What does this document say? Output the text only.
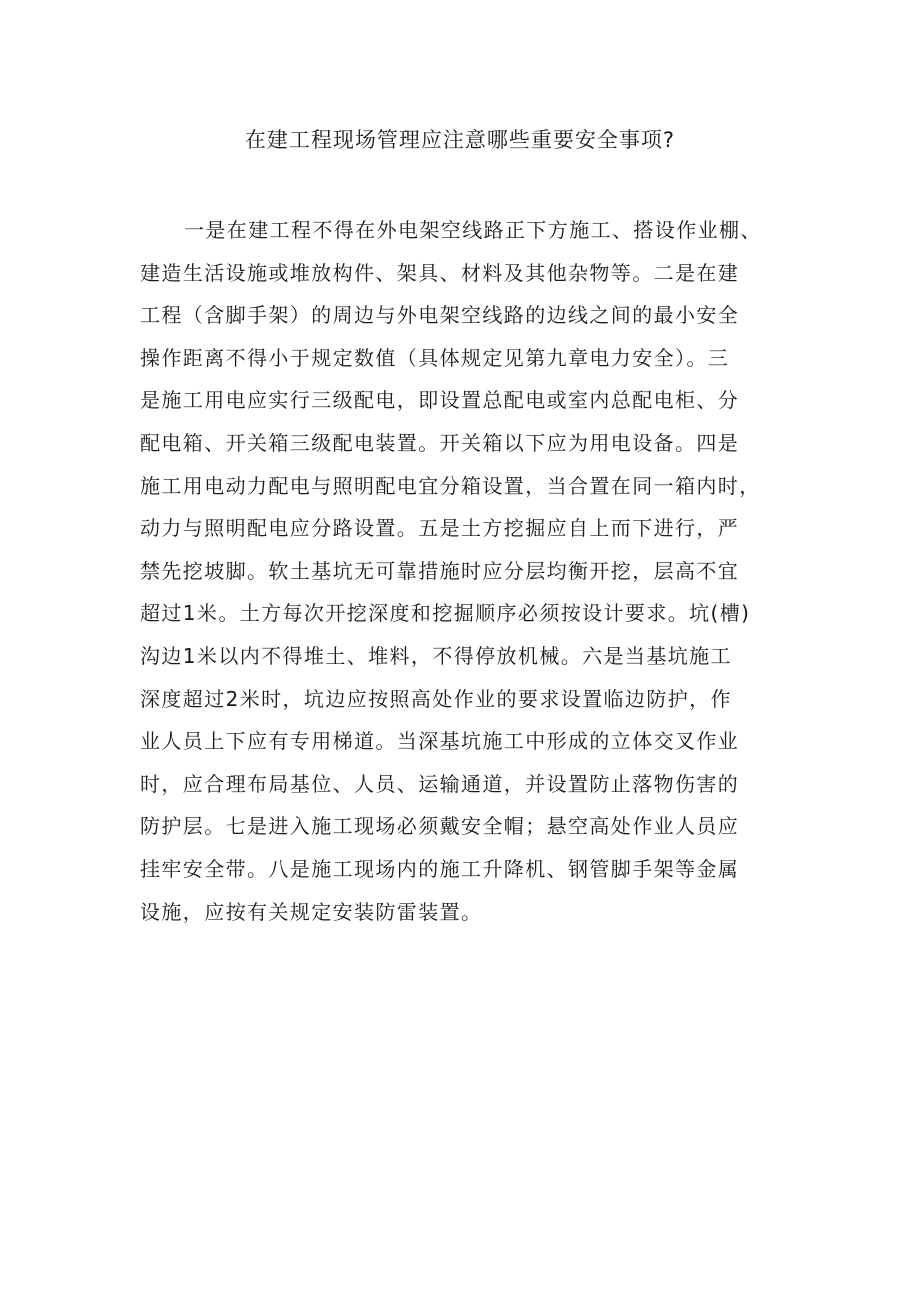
在建工程现场管理应注意哪些重要安全事项?
一是在建工程不得在外电架空线路正下方施工、搭设作业棚、
建造生活设施或堆放构件、架具、材料及其他杂物等。二是在建
工程（含脚手架）的周边与外电架空线路的边线之间的最小安全
操作距离不得小于规定数值（具体规定见第九章电力安全）。三
是施工用电应实行三级配电，即设置总配电或室内总配电柜、分
配电箱、开关箱三级配电装置。开关箱以下应为用电设备。四是
施工用电动力配电与照明配电宜分箱设置，当合置在同一箱内时，
动力与照明配电应分路设置。五是土方挖掘应自上而下进行，严
禁先挖坡脚。软土基坑无可靠措施时应分层均衡开挖，层高不宜
超过1米。土方每次开挖深度和挖掘顺序必须按设计要求。坑(槽)
沟边1米以内不得堆土、堆料，不得停放机械。六是当基坑施工
深度超过2米时，坑边应按照高处作业的要求设置临边防护，作
业人员上下应有专用梯道。当深基坑施工中形成的立体交叉作业
时，应合理布局基位、人员、运输通道，并设置防止落物伤害的
防护层。七是进入施工现场必须戴安全帽；悬空高处作业人员应
挂牢安全带。八是施工现场内的施工升降机、钢管脚手架等金属
设施，应按有关规定安装防雷装置。
